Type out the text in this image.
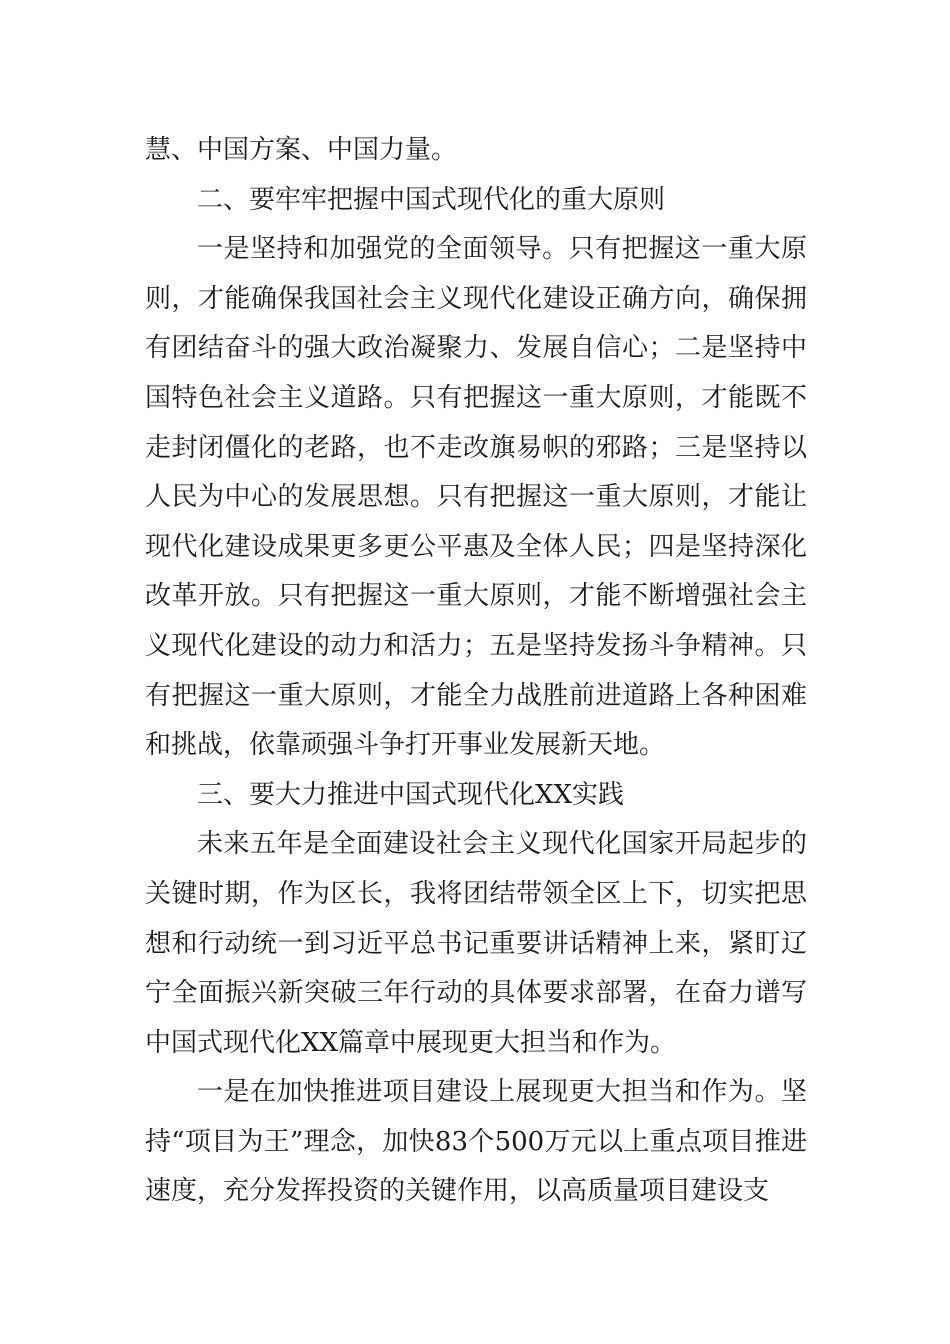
慧、中国方案、中国力量。

二、要牢牢把握中国式现代化的重大原则

一是坚持和加强党的全面领导。只有把握这一重大原则，才能确保我国社会主义现代化建设正确方向，确保拥有团结奋斗的强大政治凝聚力、发展自信心；二是坚持中国特色社会主义道路。只有把握这一重大原则，才能既不走封闭僵化的老路，也不走改旗易帜的邪路；三是坚持以人民为中心的发展思想。只有把握这一重大原则，才能让现代化建设成果更多更公平惠及全体人民；四是坚持深化改革开放。只有把握这一重大原则，才能不断增强社会主义现代化建设的动力和活力；五是坚持发扬斗争精神。只有把握这一重大原则，才能全力战胜前进道路上各种困难和挑战，依靠顽强斗争打开事业发展新天地。

三、要大力推进中国式现代化XX实践

未来五年是全面建设社会主义现代化国家开局起步的关键时期，作为区长，我将团结带领全区上下，切实把思想和行动统一到习近平总书记重要讲话精神上来，紧盯辽宁全面振兴新突破三年行动的具体要求部署，在奋力谱写中国式现代化XX篇章中展现更大担当和作为。

一是在加快推进项目建设上展现更大担当和作为。坚持“项目为王”理念，加快83个500万元以上重点项目推进速度，充分发挥投资的关键作用，以高质量项目建设支
